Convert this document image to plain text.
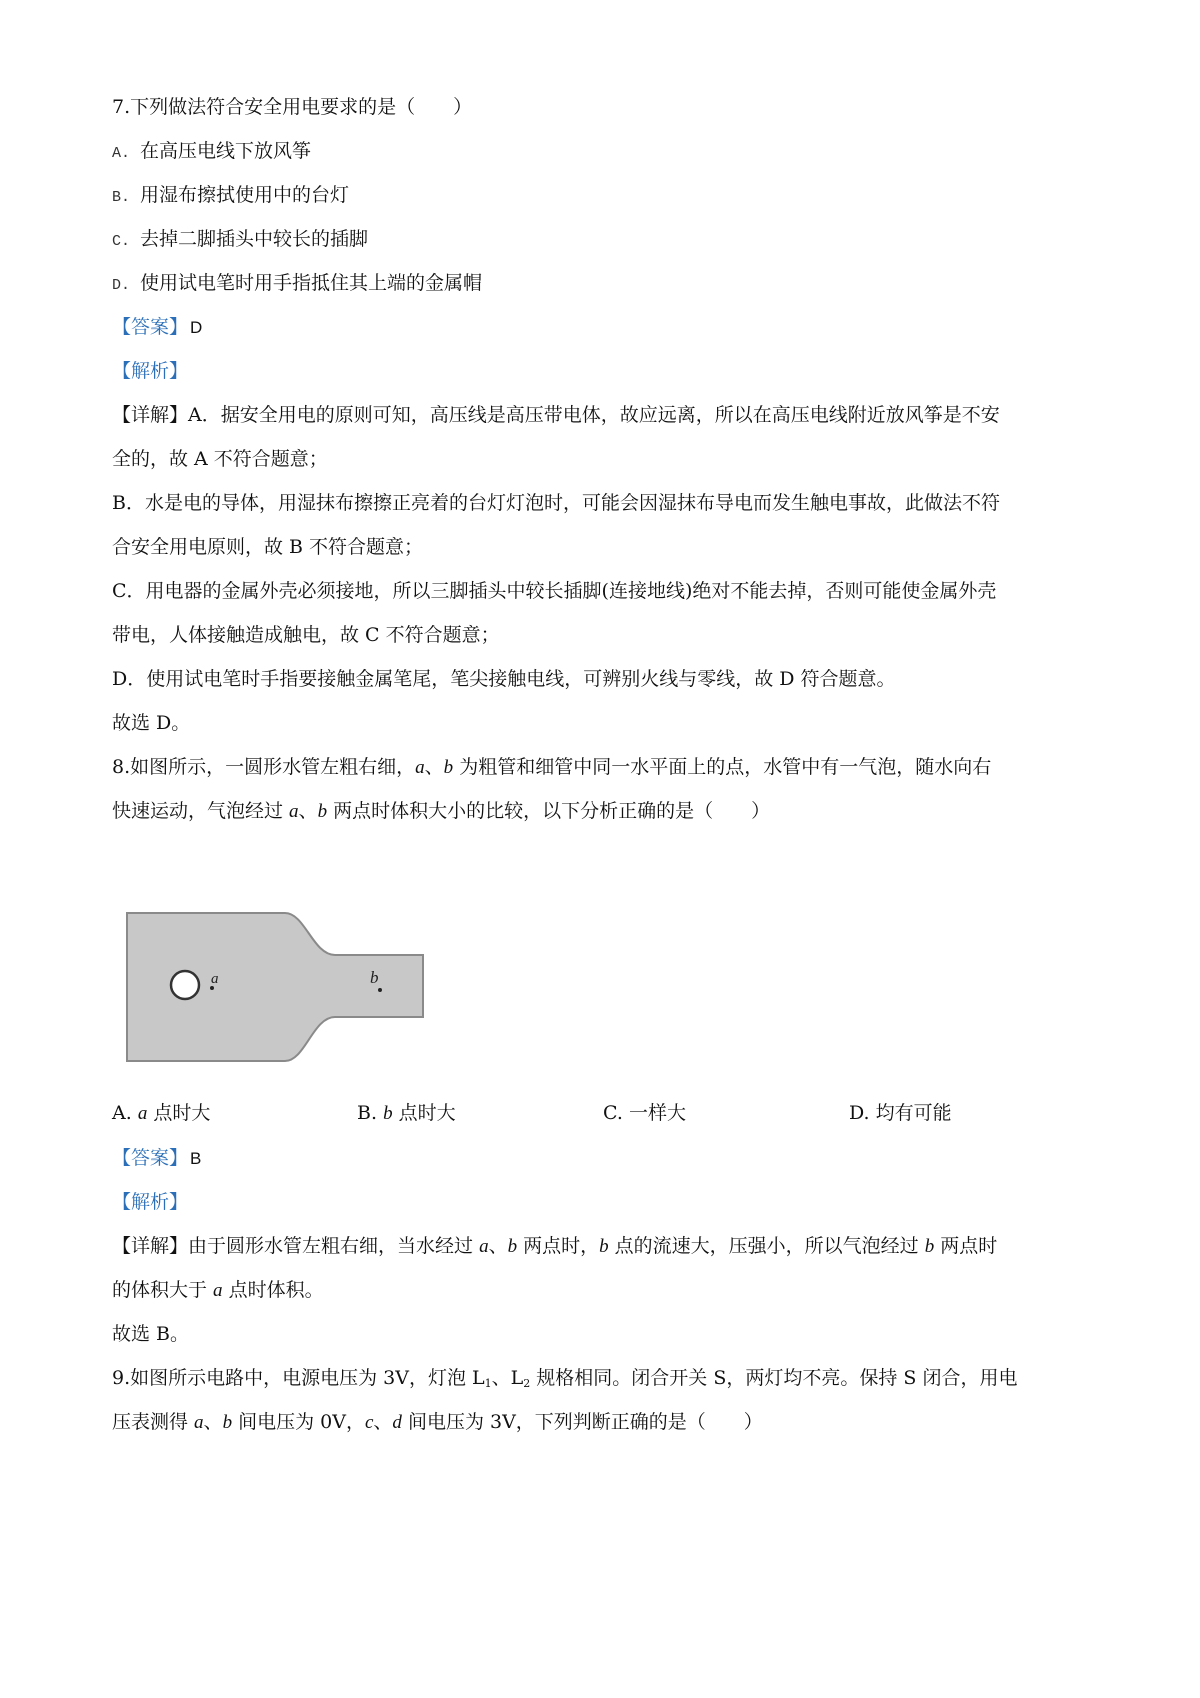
7.下列做法符合安全用电要求的是（　　）
A. 在高压电线下放风筝
B. 用湿布擦拭使用中的台灯
C. 去掉二脚插头中较长的插脚
D. 使用试电笔时用手指抵住其上端的金属帽
【答案】 D
【解析】
【详解】A．据安全用电的原则可知，高压线是高压带电体，故应远离，所以在高压电线附近放风筝是不安
全的，故 A 不符合题意；
B．水是电的导体，用湿抹布擦擦正亮着的台灯灯泡时，可能会因湿抹布导电而发生触电事故，此做法不符
合安全用电原则，故 B 不符合题意；
C．用电器的金属外壳必须接地，所以三脚插头中较长插脚(连接地线)绝对不能去掉，否则可能使金属外壳
带电，人体接触造成触电，故 C 不符合题意；
D．使用试电笔时手指要接触金属笔尾，笔尖接触电线，可辨别火线与零线，故 D 符合题意。
故选 D。
8.如图所示，一圆形水管左粗右细，a、b 为粗管和细管中同一水平面上的点，水管中有一气泡，随水向右
快速运动，气泡经过 a、b 两点时体积大小的比较，以下分析正确的是（　　）
a	b
A. a 点时大	B. b 点时大	C. 一样大	D. 均有可能
【答案】 B
【解析】
【详解】由于圆形水管左粗右细，当水经过 a、b 两点时，b 点的流速大，压强小，所以气泡经过 b 两点时
的体积大于 a 点时体积。
故选 B。
9.如图所示电路中，电源电压为 3V，灯泡 $L_1$、$L_2$ 规格相同。闭合开关 S，两灯均不亮。保持 S 闭合，用电
压表测得 a、b 间电压为 0V，c、d 间电压为 3V，下列判断正确的是（　　）
